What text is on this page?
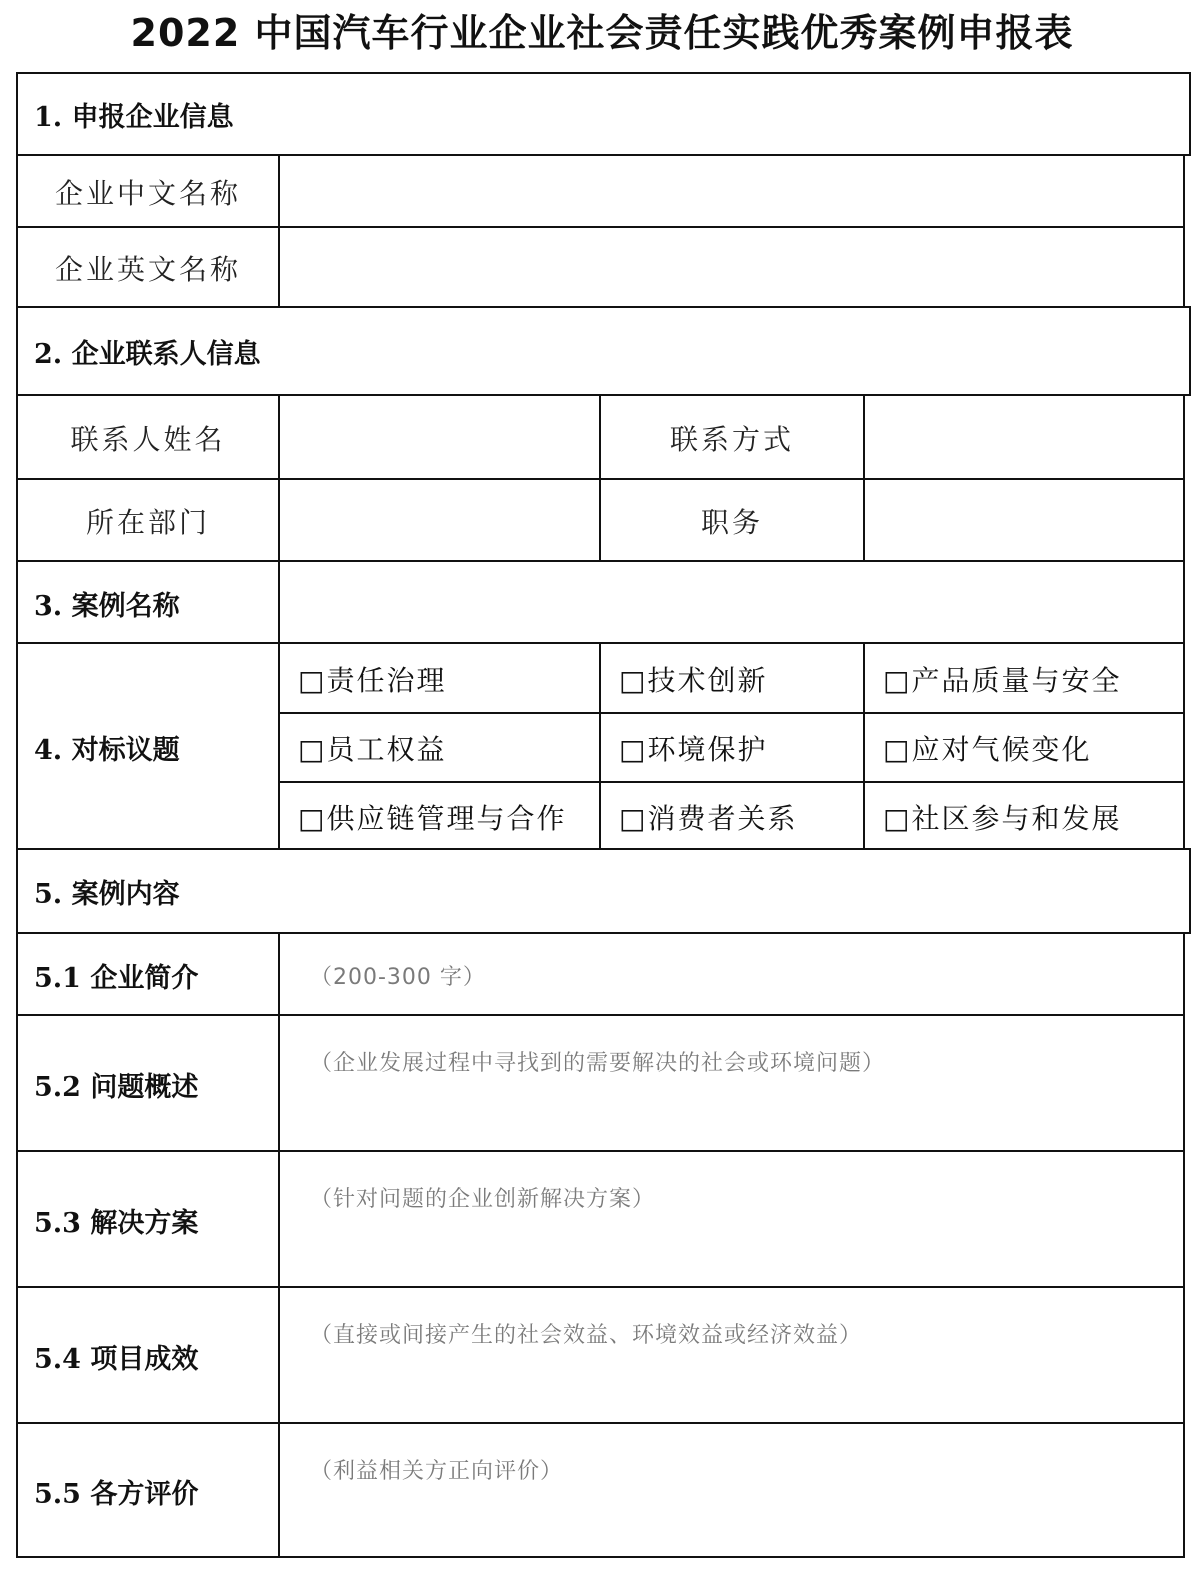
2022 中国汽车行业企业社会责任实践优秀案例申报表
1. 申报企业信息
企业中文名称
企业英文名称
2. 企业联系人信息
联系人姓名	联系方式
所在部门	职务
3. 案例名称
4. 对标议题
□责任治理	□技术创新	□产品质量与安全
□员工权益	□环境保护	□应对气候变化
□供应链管理与合作	□消费者关系	□社区参与和发展
5. 案例内容
5.1 企业简介	（200-300 字）
5.2 问题概述
（企业发展过程中寻找到的需要解决的社会或环境问题）
5.3 解决方案
（针对问题的企业创新解决方案）
5.4 项目成效
（直接或间接产生的社会效益、环境效益或经济效益）
5.5 各方评价
（利益相关方正向评价）
